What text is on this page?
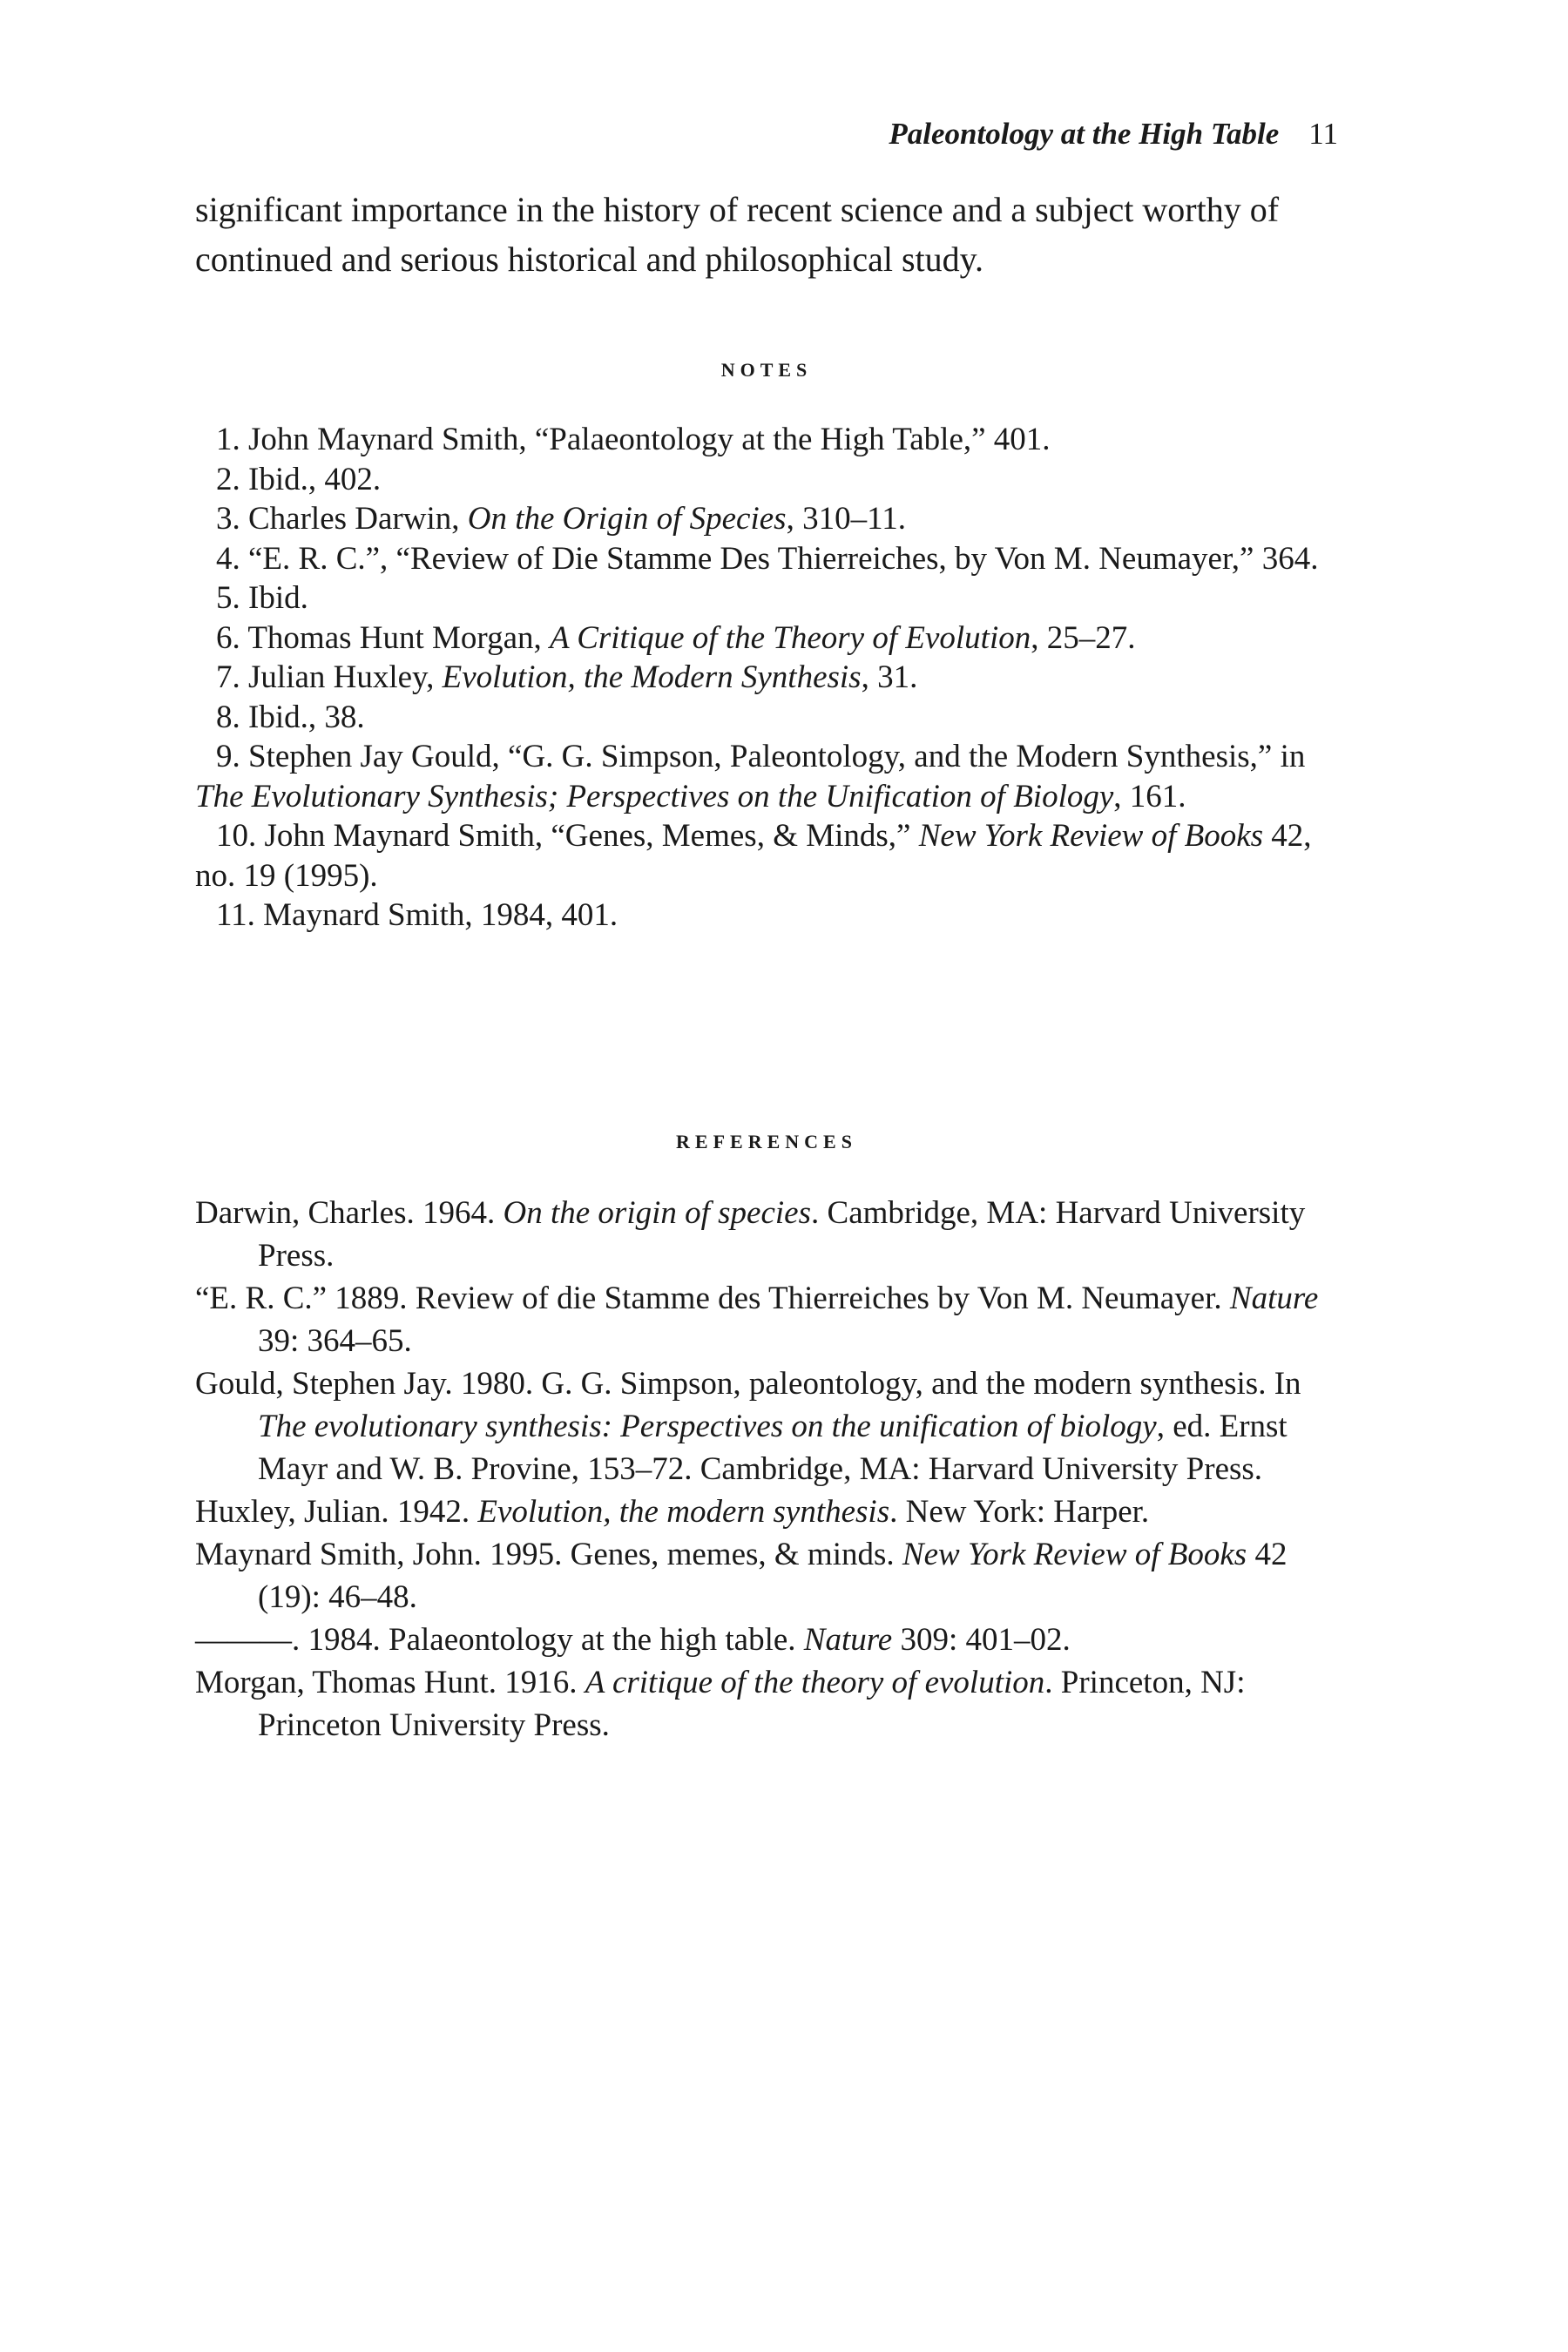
Paleontology at the High Table 11

significant importance in the history of recent science and a subject worthy of continued and serious historical and philosophical study.

NOTES
1. John Maynard Smith, “Palaeontology at the High Table,” 401.
2. Ibid., 402.
3. Charles Darwin, On the Origin of Species, 310–11.
4. “E. R. C.”, “Review of Die Stamme Des Thierreiches, by Von M. Neumayer,” 364.
5. Ibid.
6. Thomas Hunt Morgan, A Critique of the Theory of Evolution, 25–27.
7. Julian Huxley, Evolution, the Modern Synthesis, 31.
8. Ibid., 38.
9. Stephen Jay Gould, “G. G. Simpson, Paleontology, and the Modern Synthesis,” in The Evolutionary Synthesis; Perspectives on the Unification of Biology, 161.
10. John Maynard Smith, “Genes, Memes, & Minds,” New York Review of Books 42, no. 19 (1995).
11. Maynard Smith, 1984, 401.
REFERENCES
Darwin, Charles. 1964. On the origin of species. Cambridge, MA: Harvard University Press.
“E. R. C.” 1889. Review of die Stamme des Thierreiches by Von M. Neumayer. Nature 39: 364–65.
Gould, Stephen Jay. 1980. G. G. Simpson, paleontology, and the modern synthesis. In The evolutionary synthesis: Perspectives on the unification of biology, ed. Ernst Mayr and W. B. Provine, 153–72. Cambridge, MA: Harvard University Press.
Huxley, Julian. 1942. Evolution, the modern synthesis. New York: Harper.
Maynard Smith, John. 1995. Genes, memes, & minds. New York Review of Books 42 (19): 46–48.
———. 1984. Palaeontology at the high table. Nature 309: 401–02.
Morgan, Thomas Hunt. 1916. A critique of the theory of evolution. Princeton, NJ: Princeton University Press.
